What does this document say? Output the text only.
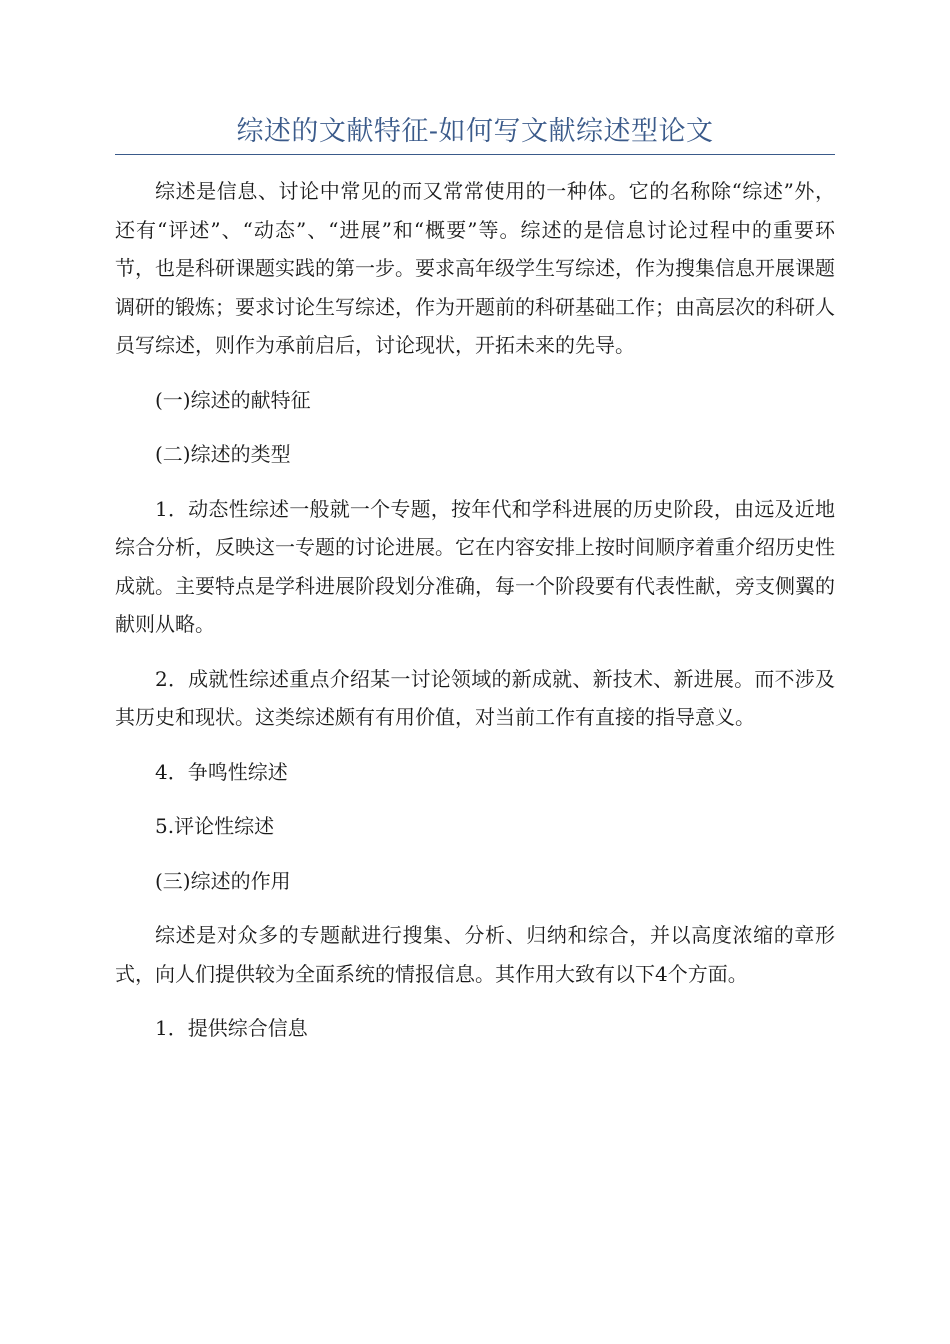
综述的文献特征-如何写文献综述型论文

综述是信息、讨论中常见的而又常常使用的一种体。它的名称除“综述”外，还有“评述”、“动态”、“进展”和“概要”等。综述的是信息讨论过程中的重要环节，也是科研课题实践的第一步。要求高年级学生写综述，作为搜集信息开展课题调研的锻炼；要求讨论生写综述，作为开题前的科研基础工作；由高层次的科研人员写综述，则作为承前启后，讨论现状，开拓未来的先导。

(一)综述的献特征

(二)综述的类型

1．动态性综述一般就一个专题，按年代和学科进展的历史阶段，由远及近地综合分析，反映这一专题的讨论进展。它在内容安排上按时间顺序着重介绍历史性成就。主要特点是学科进展阶段划分准确，每一个阶段要有代表性献，旁支侧翼的献则从略。

2．成就性综述重点介绍某一讨论领域的新成就、新技术、新进展。而不涉及其历史和现状。这类综述颇有有用价值，对当前工作有直接的指导意义。

4．争鸣性综述

5.评论性综述

(三)综述的作用

综述是对众多的专题献进行搜集、分析、归纳和综合，并以高度浓缩的章形式，向人们提供较为全面系统的情报信息。其作用大致有以下4个方面。

1．提供综合信息
